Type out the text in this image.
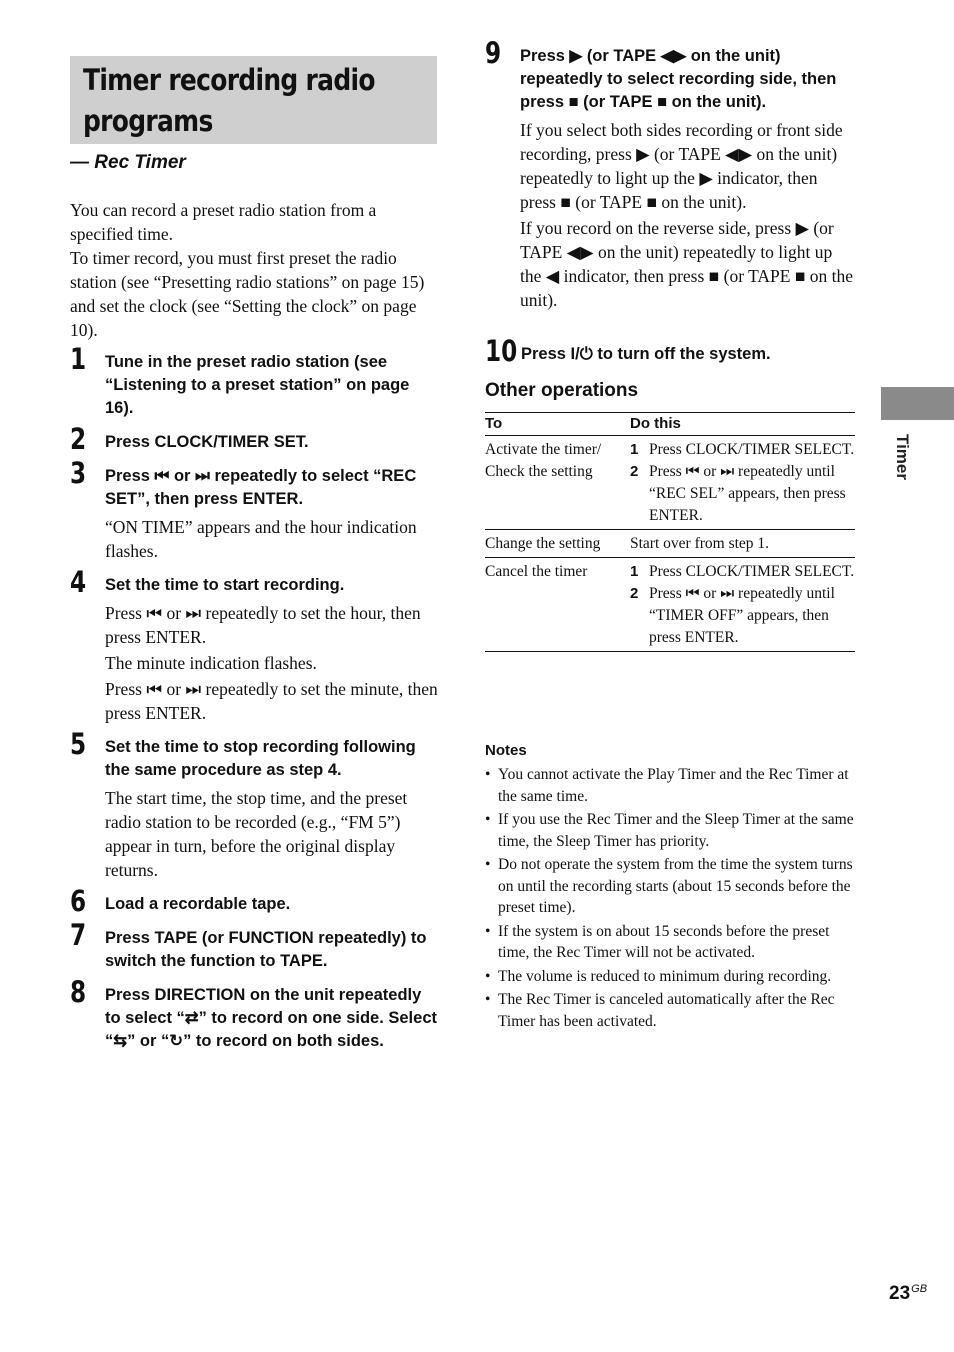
Timer recording radio programs
— Rec Timer

You can record a preset radio station from a specified time.

To timer record, you must first preset the radio station (see “Presetting radio stations” on page 15) and set the clock (see “Setting the clock” on page 10).

1 Tune in the preset radio station (see “Listening to a preset station” on page 16).
2 Press CLOCK/TIMER SET.
3 Press ⏮ or ⏭ repeatedly to select “REC SET”, then press ENTER.

“ON TIME” appears and the hour indication flashes.

4 Set the time to start recording.

Press ⏮ or ⏭ repeatedly to set the hour, then press ENTER.

The minute indication flashes.

Press ⏮ or ⏭ repeatedly to set the minute, then press ENTER.

5 Set the time to stop recording following the same procedure as step 4.

The start time, the stop time, and the preset radio station to be recorded (e.g., “FM 5”) appear in turn, before the original display returns.

6 Load a recordable tape.
7 Press TAPE (or FUNCTION repeatedly) to switch the function to TAPE.
8 Press DIRECTION on the unit repeatedly to select “⇄” to record on one side. Select “⇆” or “↻” to record on both sides.
9 Press ▶ (or TAPE ◀▶ on the unit) repeatedly to select recording side, then press ■ (or TAPE ■ on the unit).

If you select both sides recording or front side recording, press ▶ (or TAPE ◀▶ on the unit) repeatedly to light up the ▶ indicator, then press ■ (or TAPE ■ on the unit).

If you record on the reverse side, press ▶ (or TAPE ◀▶ on the unit) repeatedly to light up the ◀ indicator, then press ■ (or TAPE ■ on the unit).

10 Press I/⏻ to turn off the system.
Other operations
To	Do this
Activate the timer/ Check the setting	1 Press CLOCK/TIMER SELECT.
2 Press ⏮ or ⏭ repeatedly until “REC SEL” appears, then press ENTER.

Change the setting	Start over from step 1.
Cancel the timer	1 Press CLOCK/TIMER SELECT.
2 Press ⏮ or ⏭ repeatedly until “TIMER OFF” appears, then press ENTER.
Notes
• You cannot activate the Play Timer and the Rec Timer at the same time.
• If you use the Rec Timer and the Sleep Timer at the same time, the Sleep Timer has priority.
• Do not operate the system from the time the system turns on until the recording starts (about 15 seconds before the preset time).
• If the system is on about 15 seconds before the preset time, the Rec Timer will not be activated.
• The volume is reduced to minimum during recording.
• The Rec Timer is canceled automatically after the Rec Timer has been activated.
Timer
$23^{GB}$
